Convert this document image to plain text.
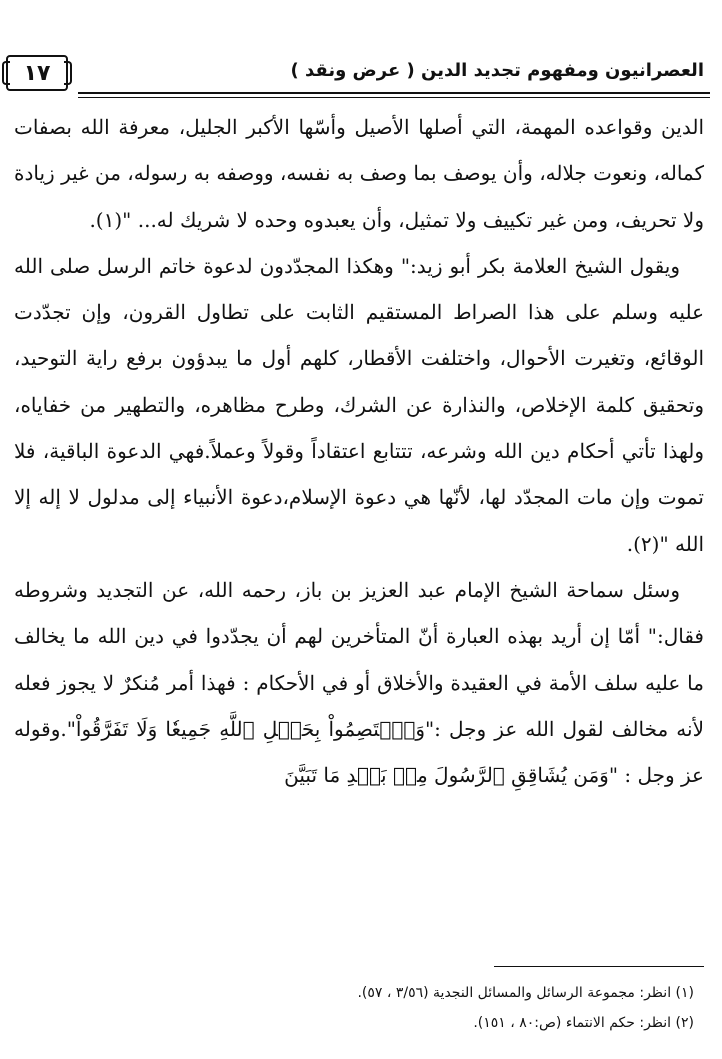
١٧	العصرانيون ومفهوم تجديد الدين ( عرض ونقد )

الدين وقواعده المهمة، التي أصلها الأصيل وأسّها الأكبر الجليل، معرفة الله بصفات كماله، ونعوت جلاله، وأن يوصف بما وصف به نفسه، ووصفه به رسوله، من غير زيادة ولا تحريف، ومن غير تكييف ولا تمثيل، وأن يعبدوه وحده لا شريك له... "(١).

ويقول الشيخ العلامة بكر أبو زيد:" وهكذا المجدّدون لدعوة خاتم الرسل صلى الله عليه وسلم على هذا الصراط المستقيم الثابت على تطاول القرون، وإن تجدّدت الوقائع، وتغيرت الأحوال، واختلفت الأقطار، كلهم أول ما يبدؤون برفع راية التوحيد، وتحقيق كلمة الإخلاص، والنذارة عن الشرك، وطرح مظاهره، والتطهير من خفاياه، ولهذا تأتي أحكام دين الله وشرعه، تتتابع اعتقاداً وقولاً وعملاً.فهي الدعوة الباقية، فلا تموت وإن مات المجدّد لها، لأنّها هي دعوة الإسلام،دعوة الأنبياء إلى مدلول لا إله إلا الله "(٢).

وسئل سماحة الشيخ الإمام عبد العزيز بن باز، رحمه الله، عن التجديد وشروطه فقال:" أمّا إن أريد بهذه العبارة أنّ المتأخرين لهم أن يجدّدوا في دين الله ما يخالف ما عليه سلف الأمة في العقيدة والأخلاق أو في الأحكام : فهذا أمر مُنكرٌ لا يجوز فعله لأنه مخالف لقول الله عز وجل :"وَٱعۡتَصِمُواْ بِحَبۡلِ ٱللَّهِ جَمِيعٗا وَلَا تَفَرَّقُواْ".وقوله عز وجل : "وَمَن يُشَاقِقِ ٱلرَّسُولَ مِنۢ بَعۡدِ مَا تَبَيَّنَ

(١) انظر: مجموعة الرسائل والمسائل النجدية (٣/٥٦ ، ٥٧).
(٢) انظر: حكم الانتماء (ص:٨٠ ، ١٥١).
